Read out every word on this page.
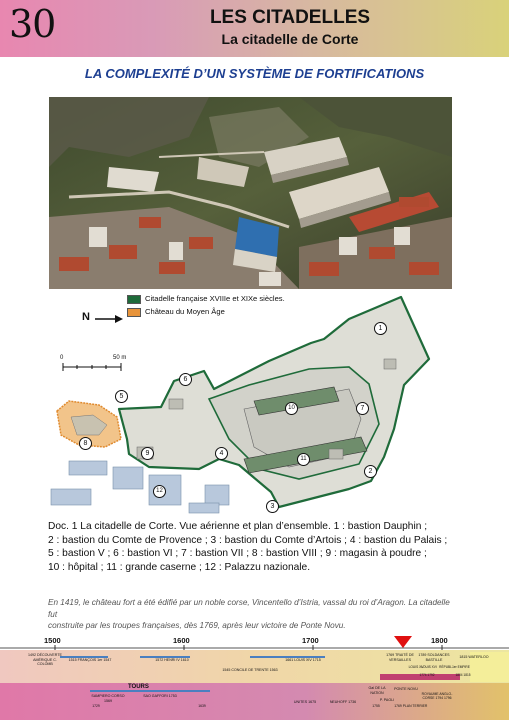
30	LES CITADELLES
La citadelle de Corte
LA COMPLEXITÉ D’UN SYSTÈME DE FORTIFICATIONS
Citadelle française XVIIIe et XIXe siècles.
Château du Moyen Âge
0	50 m
N
1
2
3
4
5
6
7
8
9
10
11
12
Doc. 1 La citadelle de Corte. Vue aérienne et plan d’ensemble. 1 : bastion Dauphin ;
2 : bastion du Comte de Provence ; 3 : bastion du Comte d’Artois ; 4 : bastion du Palais ;
5 : bastion V ; 6 : bastion VI ; 7 : bastion VII ; 8 : bastion VIII ; 9 : magasin à poudre ;
10 : hôpital ; 11 : grande caserne ; 12 : Palazzu nazionale.
En 1419, le château fort a été édifié par un noble corse, Vincentello d’Istria, vassal du roi d’Aragon. La citadelle fut
construite par les troupes françaises, dès 1769, après leur victoire de Ponte Novu.
1500	1600	1700	1800
1492 DÉCOUVERTE AMÉRIQUE C. COLOMB
1515 FRANÇOIS 1er 1547	1572 HENRI IV 1610	1661 LOUIS XIV 1715
1545 CONCILE DE TRENTE 1563
1769 TRAITÉ DE VERSAILLES
1789 SOLDANCES BASTILLE
1815 WATERLOO
LOUIS XV
LOUIS XVI RÉPUBL. 1er EMPIRE
1804 1815
1774 1792
TOURS
SAMPIERO CORSO 1569
SAO GAFFORI 1753
UNITES 1675	NEUHOFF 1736
Gal DE LA NATION
P. PAOLI
PONTE NOVU
ROYAUME ANGLO-CORSE 1794 1796
PLAN TERRIER
1729	1755	1769
1639
